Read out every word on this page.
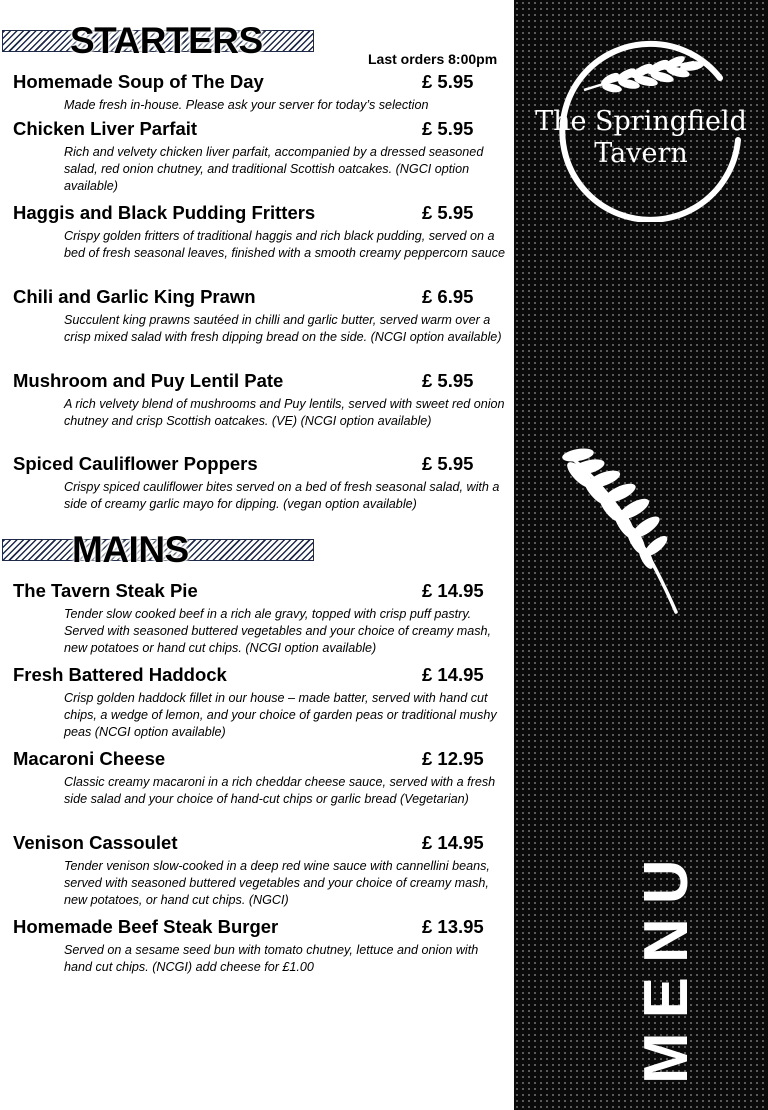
STARTERS	Last orders 8:00pm
Homemade Soup of The Day	£ 5.95
Made fresh in-house. Please ask your server for today’s selection
Chicken Liver Parfait	£ 5.95
Rich and velvety chicken liver parfait, accompanied by a dressed seasoned salad, red onion chutney, and traditional Scottish oatcakes. (NGCI option available)
Haggis and Black Pudding Fritters	£ 5.95
Crispy golden fritters of traditional haggis and rich black pudding, served on a bed of fresh seasonal leaves, finished with a smooth creamy peppercorn sauce
Chili and Garlic King Prawn	£ 6.95
Succulent king prawns sautéed in chilli and garlic butter, served warm over a crisp mixed salad with fresh dipping bread on the side. (NCGI option available)
Mushroom and Puy Lentil Pate	£ 5.95
A rich velvety blend of mushrooms and Puy lentils, served with sweet red onion chutney and crisp Scottish oatcakes. (VE) (NCGI option available)
Spiced Cauliflower Poppers	£ 5.95
Crispy spiced cauliflower bites served on a bed of fresh seasonal salad, with a side of creamy garlic mayo for dipping. (vegan option available)
MAINS
The Tavern Steak Pie	£ 14.95
Tender slow cooked beef in a rich ale gravy, topped with crisp puff pastry. Served with seasoned buttered vegetables and your choice of creamy mash, new potatoes or hand cut chips. (NCGI option available)
Fresh Battered Haddock	£ 14.95
Crisp golden haddock fillet in our house – made batter, served with hand cut chips, a wedge of lemon, and your choice of garden peas or traditional mushy peas (NCGI option available)
Macaroni Cheese	£ 12.95
Classic creamy macaroni in a rich cheddar cheese sauce, served with a fresh side salad and your choice of hand-cut chips or garlic bread (Vegetarian)
Venison Cassoulet	£ 14.95
Tender venison slow-cooked in a deep red wine sauce with cannellini beans, served with seasoned buttered vegetables and your choice of creamy mash, new potatoes, or hand cut chips. (NGCI)
Homemade Beef Steak Burger	£ 13.95
Served on a sesame seed bun with tomato chutney, lettuce and onion with hand cut chips. (NCGI) add cheese for £1.00
The Springfield
Tavern
MENU
